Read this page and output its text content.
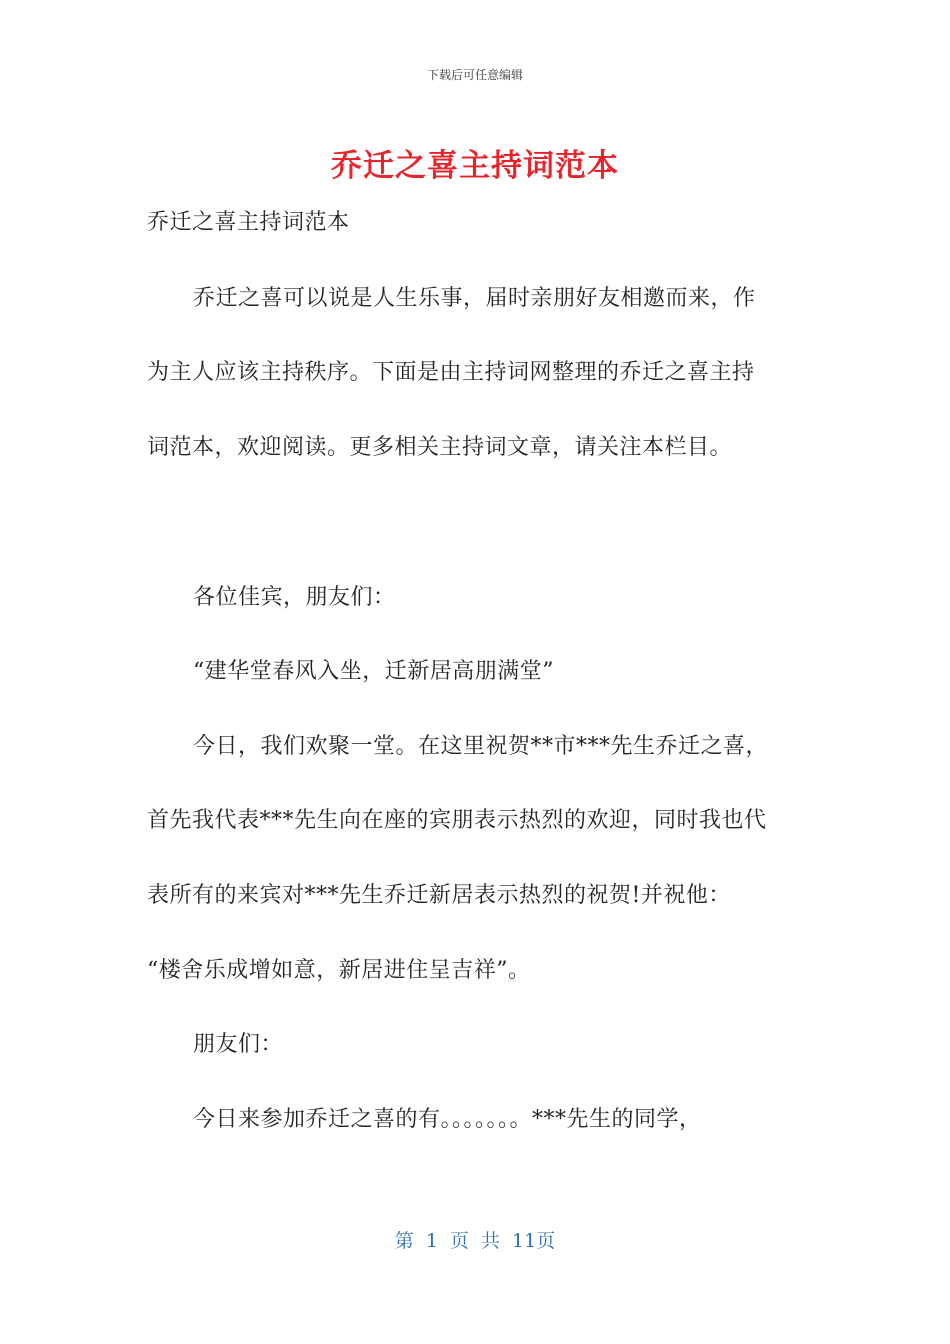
下载后可任意编辑
乔迁之喜主持词范本
乔迁之喜主持词范本
乔迁之喜可以说是人生乐事，届时亲朋好友相邀而来，作
为主人应该主持秩序。下面是由主持词网整理的乔迁之喜主持
词范本，欢迎阅读。更多相关主持词文章，请关注本栏目。
各位佳宾，朋友们：
“建华堂春风入坐，迁新居高朋满堂”
今日，我们欢聚一堂。在这里祝贺**市***先生乔迁之喜，
首先我代表***先生向在座的宾朋表示热烈的欢迎，同时我也代
表所有的来宾对***先生乔迁新居表示热烈的祝贺!并祝他：
“楼舍乐成增如意，新居进住呈吉祥”。
朋友们：
今日来参加乔迁之喜的有。。。。。。。***先生的同学，
第 1 页 共 11页
